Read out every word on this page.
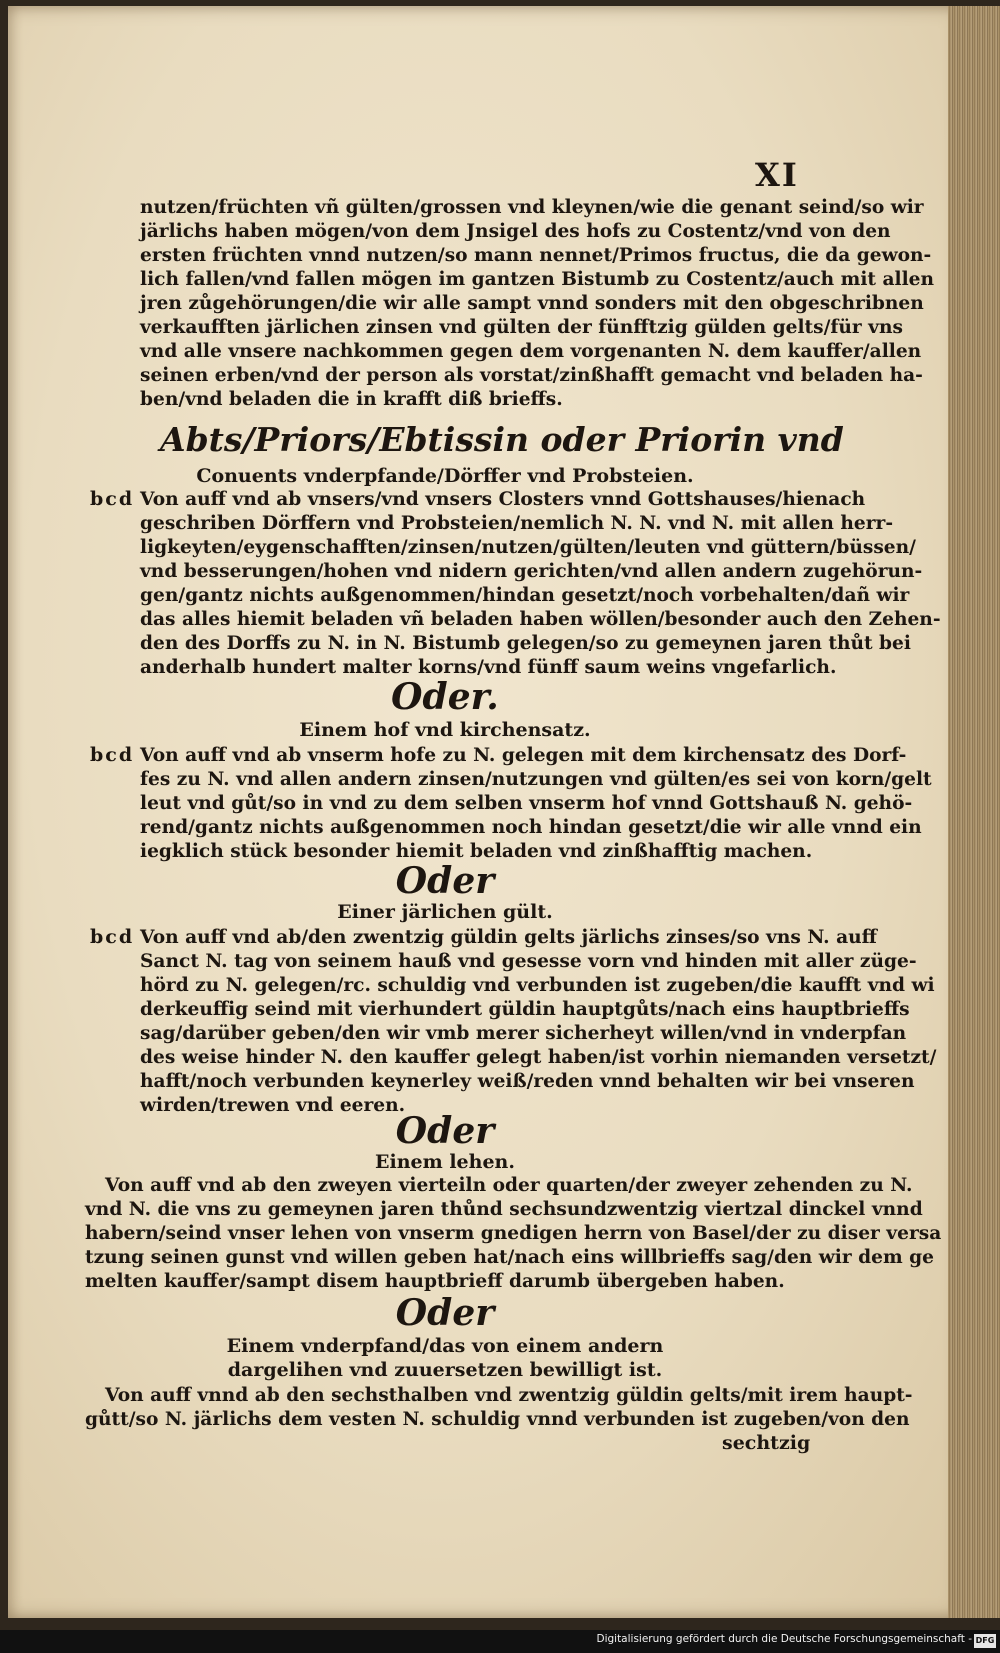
XI
nutzen/früchten vñ gülten/grossen vnd kleynen/wie die genant seind/so wir
järlichs haben mögen/von dem Jnsigel des hofs zu Costentz/vnd von den
ersten früchten vnnd nutzen/so mann nennet/Primos fructus, die da gewon-
lich fallen/vnd fallen mögen im gantzen Bistumb zu Costentz/auch mit allen
jren zůgehörungen/die wir alle sampt vnnd sonders mit den obgeschribnen
verkaufften järlichen zinsen vnd gülten der fünfftzig gülden gelts/für vns
vnd alle vnsere nachkommen gegen dem vorgenanten N. dem kauffer/allen
seinen erben/vnd der person als vorstat/zinßhafft gemacht vnd beladen ha-
ben/vnd beladen die in krafft diß brieffs.
Abts/Priors/Ebtissin oder Priorin vnd
Conuents vnderpfande/Dörffer vnd Probsteien.
bcd Von auff vnd ab vnsers/vnd vnsers Closters vnnd Gottshauses/hienach
geschriben Dörffern vnd Probsteien/nemlich N. N. vnd N. mit allen herr-
ligkeyten/eygenschafften/zinsen/nutzen/gülten/leuten vnd güttern/büssen/
vnd besserungen/hohen vnd nidern gerichten/vnd allen andern zugehörun-
gen/gantz nichts außgenommen/hindan gesetzt/noch vorbehalten/dañ wir
das alles hiemit beladen vñ beladen haben wöllen/besonder auch den Zehen-
den des Dorffs zu N. in N. Bistumb gelegen/so zu gemeynen jaren thůt bei
anderhalb hundert malter korns/vnd fünff saum weins vngefarlich.
Oder.
Einem hof vnd kirchensatz.
bcd Von auff vnd ab vnserm hofe zu N. gelegen mit dem kirchensatz des Dorf-
fes zu N. vnd allen andern zinsen/nutzungen vnd gülten/es sei von korn/gelt
leut vnd gůt/so in vnd zu dem selben vnserm hof vnnd Gottshauß N. gehö-
rend/gantz nichts außgenommen noch hindan gesetzt/die wir alle vnnd ein
iegklich stück besonder hiemit beladen vnd zinßhafftig machen.
Oder
Einer järlichen gült.
bcd Von auff vnd ab/den zwentzig güldin gelts järlichs zinses/so vns N. auff
Sanct N. tag von seinem hauß vnd gesesse vorn vnd hinden mit aller züge-
hörd zu N. gelegen/rc. schuldig vnd verbunden ist zugeben/die kaufft vnd wi
derkeuffig seind mit vierhundert güldin hauptgůts/nach eins hauptbrieffs
sag/darüber geben/den wir vmb merer sicherheyt willen/vnd in vnderpfan
des weise hinder N. den kauffer gelegt haben/ist vorhin niemanden versetzt/
hafft/noch verbunden keynerley weiß/reden vnnd behalten wir bei vnseren
wirden/trewen vnd eeren.
Oder
Einem lehen.
Von auff vnd ab den zweyen vierteiln oder quarten/der zweyer zehenden zu N.
vnd N. die vns zu gemeynen jaren thůnd sechsundzwentzig viertzal dinckel vnnd
habern/seind vnser lehen von vnserm gnedigen herrn von Basel/der zu diser versa
tzung seinen gunst vnd willen geben hat/nach eins willbrieffs sag/den wir dem ge
melten kauffer/sampt disem hauptbrieff darumb übergeben haben.
Oder
Einem vnderpfand/das von einem andern
dargelihen vnd zuuersetzen bewilligt ist.
Von auff vnnd ab den sechsthalben vnd zwentzig güldin gelts/mit irem haupt-
gůtt/so N. järlichs dem vesten N. schuldig vnnd verbunden ist zugeben/von den
sechtzig
Digitalisierung gefördert durch die Deutsche Forschungsgemeinschaft - DFG
